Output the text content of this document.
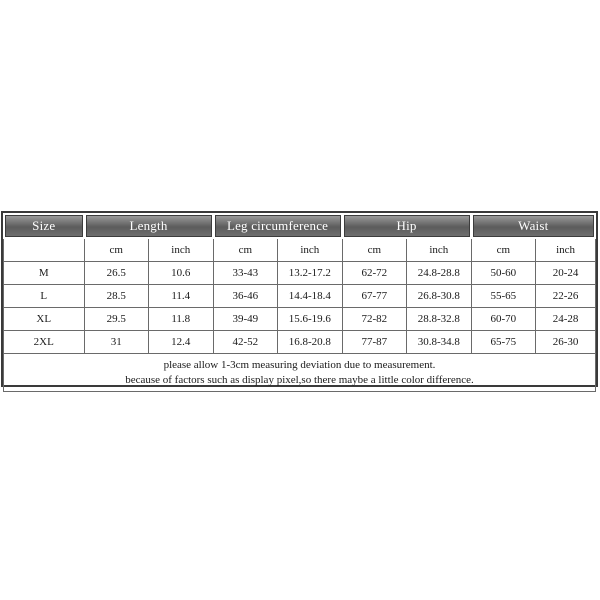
Size	Length		Leg circumference		Hip		Waist	

	cm	inch	cm	inch	cm	inch	cm	inch
M	26.5	10.6	33-43	13.2-17.2	62-72	24.8-28.8	50-60	20-24
L	28.5	11.4	36-46	14.4-18.4	67-77	26.8-30.8	55-65	22-26
XL	29.5	11.8	39-49	15.6-19.6	72-82	28.8-32.8	60-70	24-28
2XL	31	12.4	42-52	16.8-20.8	77-87	30.8-34.8	65-75	26-30

please allow 1-3cm measuring deviation due to measurement.
because of factors such as display pixel,so there maybe a little color difference.								
